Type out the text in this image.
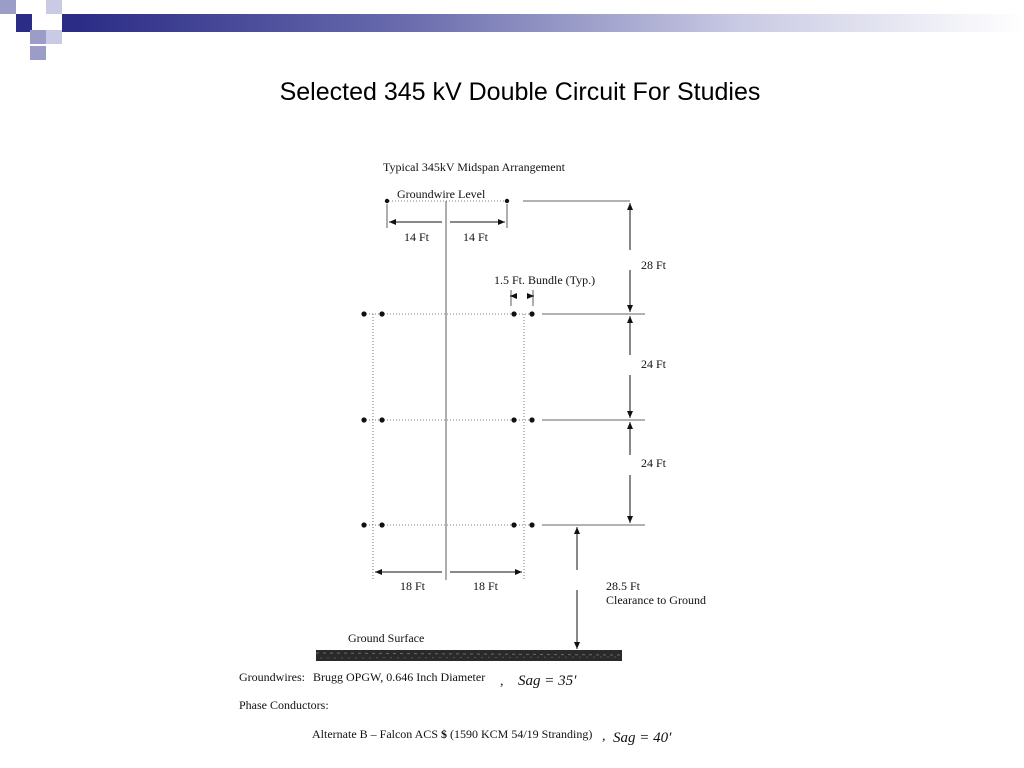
Selected 345 kV Double Circuit For Studies
Typical 345kV Midspan Arrangement
Groundwire Level
14 Ft	14 Ft
1.5 Ft. Bundle (Typ.)
28 Ft
24 Ft
24 Ft
18 Ft	18 Ft	28.5 Ft
Clearance to Ground
Ground Surface
Groundwires: Brugg OPGW, 0.646 Inch Diameter , Sag = 35′
Phase Conductors:
Alternate B – Falcon ACS $ (1590 KCM 54/19 Stranding) , Sag = 40′
